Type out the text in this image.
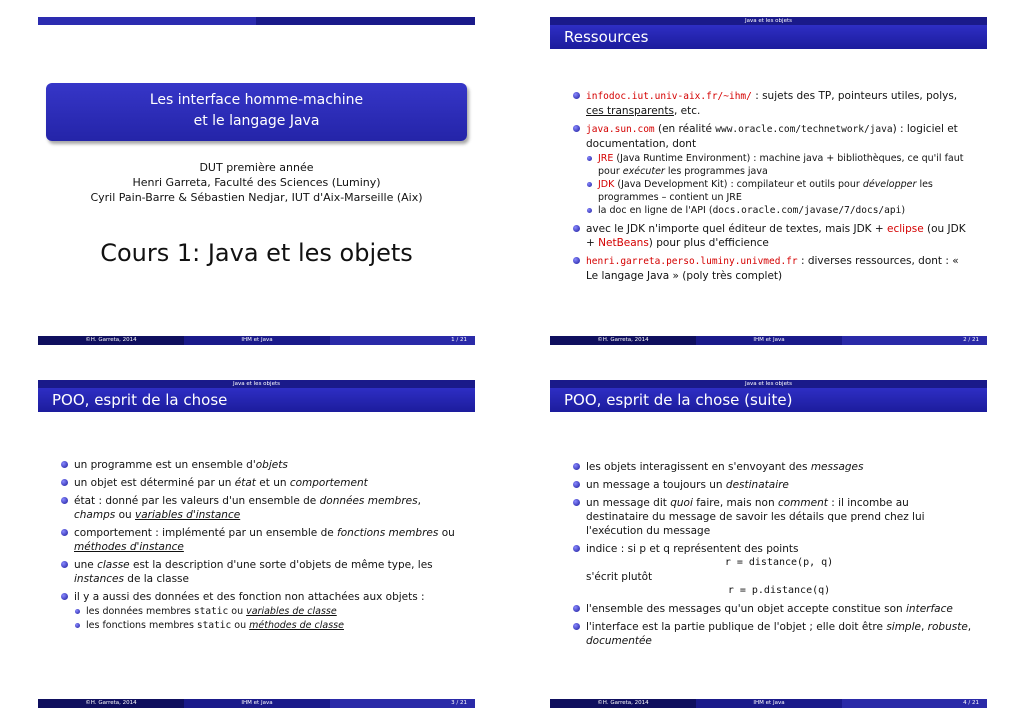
Les interface homme-machine
et le langage Java
DUT première année
Henri Garreta, Faculté des Sciences (Luminy)
Cyril Pain-Barre & Sébastien Nedjar, IUT d'Aix-Marseille (Aix)
Cours 1: Java et les objets
©H. Garreta, 2014	IHM et Java	1 / 21
Java et les objets
Ressources
infodoc.iut.univ-aix.fr/~ihm/ : sujets des TP, pointeurs utiles, polys, ces transparents, etc.
java.sun.com (en réalité www.oracle.com/technetwork/java) : logiciel et documentation, dont
JRE (Java Runtime Environment) : machine java + bibliothèques, ce qu'il faut pour exécuter les programmes java
JDK (Java Development Kit) : compilateur et outils pour développer les programmes – contient un JRE
la doc en ligne de l'API (docs.oracle.com/javase/7/docs/api)
avec le JDK n'importe quel éditeur de textes, mais JDK + eclipse (ou JDK + NetBeans) pour plus d'efficience
henri.garreta.perso.luminy.univmed.fr : diverses ressources, dont : « Le langage Java » (poly très complet)
©H. Garreta, 2014	IHM et Java	2 / 21
Java et les objets
POO, esprit de la chose
un programme est un ensemble d'objets
un objet est déterminé par un état et un comportement
état : donné par les valeurs d'un ensemble de données membres, champs ou variables d'instance
comportement : implémenté par un ensemble de fonctions membres ou méthodes d'instance
une classe est la description d'une sorte d'objets de même type, les instances de la classe
il y a aussi des données et des fonction non attachées aux objets :
les données membres static ou variables de classe
les fonctions membres static ou méthodes de classe
©H. Garreta, 2014	IHM et Java	3 / 21
Java et les objets
POO, esprit de la chose (suite)
les objets interagissent en s'envoyant des messages
un message a toujours un destinataire
un message dit quoi faire, mais non comment : il incombe au destinataire du message de savoir les détails que prend chez lui l'exécution du message
indice : si p et q représentent des points
r = distance(p, q)
s'écrit plutôt
r = p.distance(q)
l'ensemble des messages qu'un objet accepte constitue son interface
l'interface est la partie publique de l'objet ; elle doit être simple, robuste, documentée
©H. Garreta, 2014	IHM et Java	4 / 21
